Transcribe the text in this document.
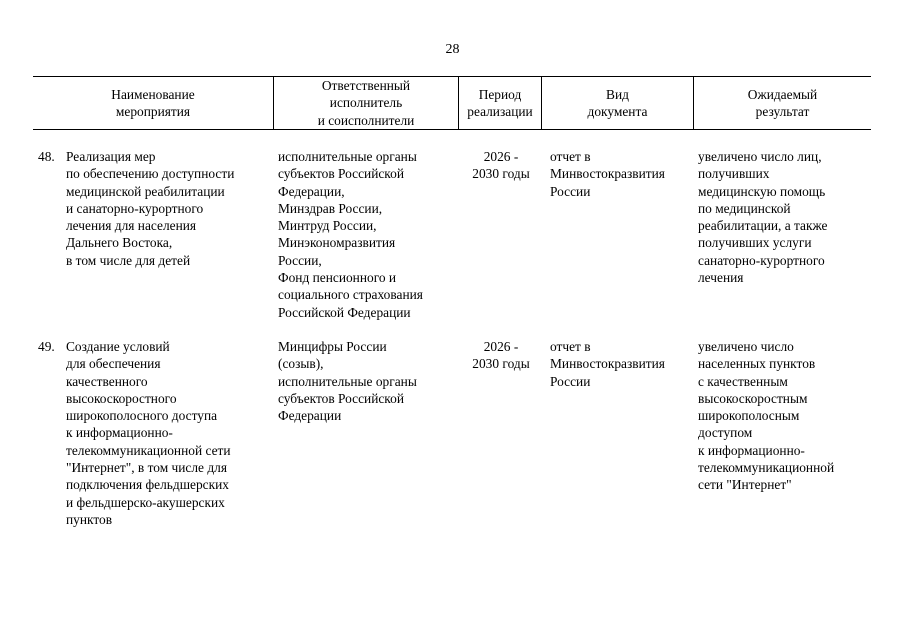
28
Наименование
мероприятия
Ответственный
исполнитель
и соисполнители
Период
реализации
Вид
документа
Ожидаемый
результат
48. Реализация мер
по обеспечению доступности
медицинской реабилитации
и санаторно-курортного
лечения для населения
Дальнего Востока,
в том числе для детей
исполнительные органы
субъектов Российской
Федерации,
Минздрав России,
Минтруд России,
Минэкономразвития
России,
Фонд пенсионного и
социального страхования
Российской Федерации
2026 -
2030 годы
отчет в
Минвостокразвития
России
увеличено число лиц,
получивших
медицинскую помощь
по медицинской
реабилитации, а также
получивших услуги
санаторно-курортного
лечения
49. Создание условий
для обеспечения
качественного
высокоскоростного
широкополосного доступа
к информационно-
телекоммуникационной сети
"Интернет", в том числе для
подключения фельдшерских
и фельдшерско-акушерских
пунктов
Минцифры России
(созыв),
исполнительные органы
субъектов Российской
Федерации
2026 -
2030 годы
отчет в
Минвостокразвития
России
увеличено число
населенных пунктов
с качественным
высокоскоростным
широкополосным
доступом
к информационно-
телекоммуникационной
сети "Интернет"
